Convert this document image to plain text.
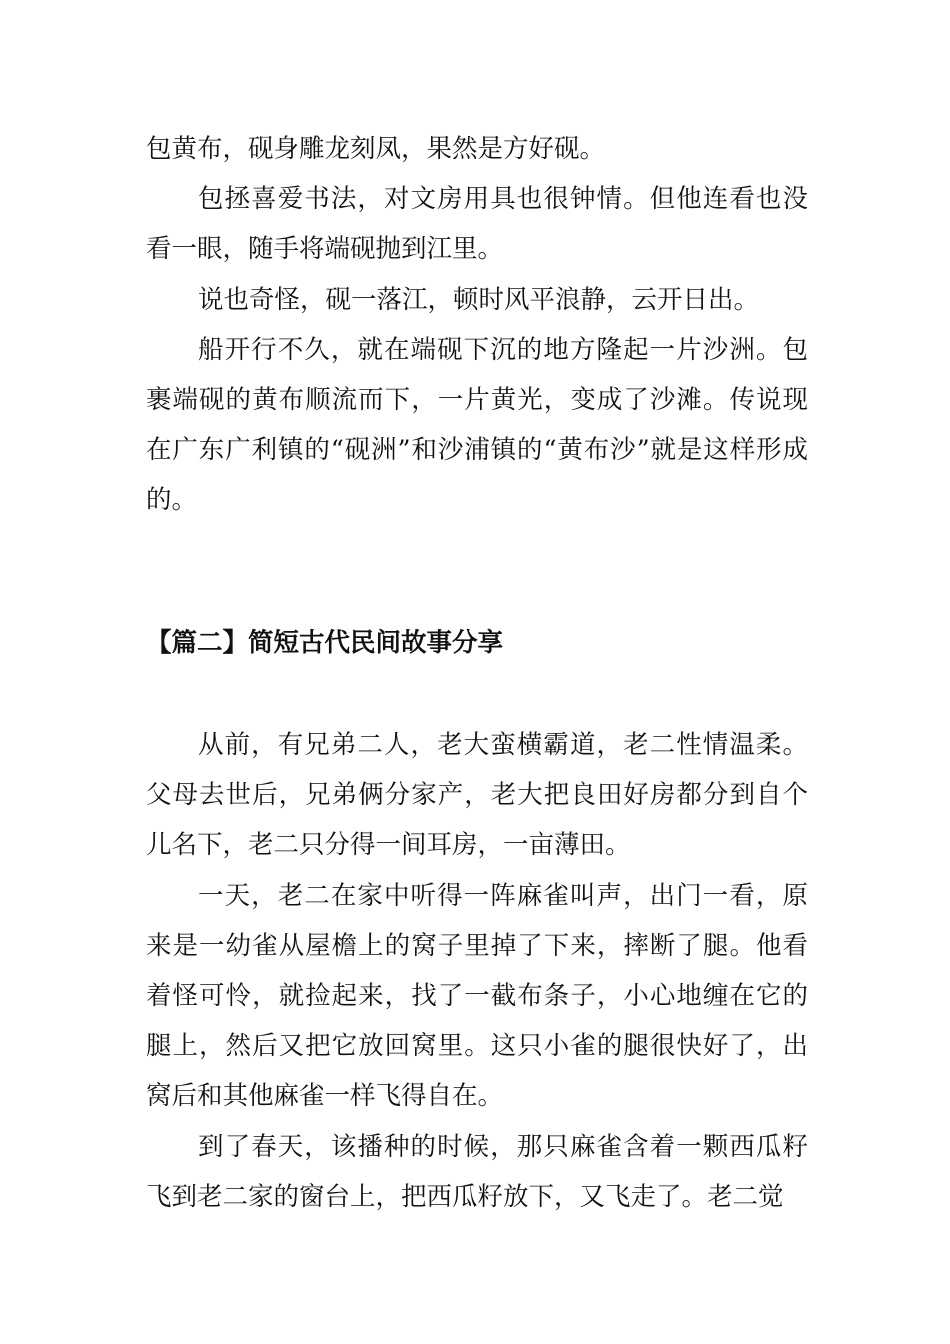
包黄布，砚身雕龙刻凤，果然是方好砚。

包拯喜爱书法，对文房用具也很钟情。但他连看也没看一眼，随手将端砚抛到江里。

说也奇怪，砚一落江，顿时风平浪静，云开日出。

船开行不久，就在端砚下沉的地方隆起一片沙洲。包裹端砚的黄布顺流而下，一片黄光，变成了沙滩。传说现在广东广利镇的“砚洲”和沙浦镇的“黄布沙”就是这样形成的。

【篇二】简短古代民间故事分享

从前，有兄弟二人，老大蛮横霸道，老二性情温柔。父母去世后，兄弟俩分家产，老大把良田好房都分到自个儿名下，老二只分得一间耳房，一亩薄田。

一天，老二在家中听得一阵麻雀叫声，出门一看，原来是一幼雀从屋檐上的窝子里掉了下来，摔断了腿。他看着怪可怜，就捡起来，找了一截布条子，小心地缠在它的腿上，然后又把它放回窝里。这只小雀的腿很快好了，出窝后和其他麻雀一样飞得自在。

到了春天，该播种的时候，那只麻雀含着一颗西瓜籽飞到老二家的窗台上，把西瓜籽放下，又飞走了。老二觉
